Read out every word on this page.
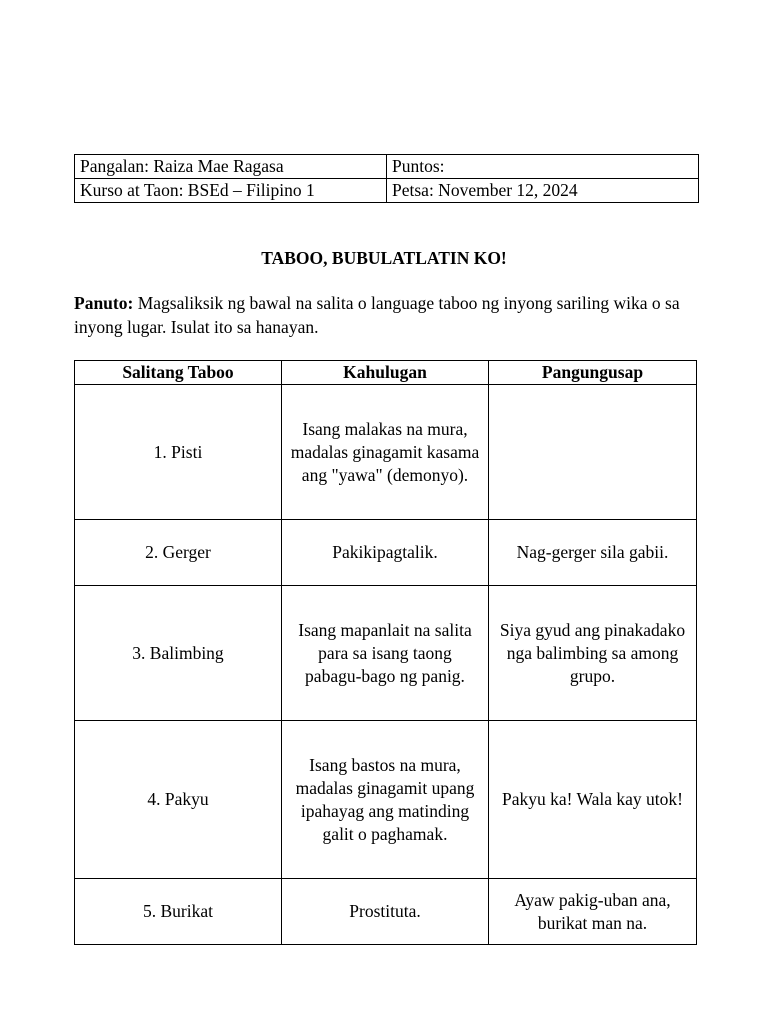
Pangalan: Raiza Mae Ragasa	Puntos:
Kurso at Taon: BSEd – Filipino 1	Petsa: November 12, 2024
TABOO, BUBULATLATIN KO!
Panuto: Magsaliksik ng bawal na salita o language taboo ng inyong sariling wika o sa inyong lugar. Isulat ito sa hanayan.
Salitang Taboo	Kahulugan	Pangungusap
1. Pisti	Isang malakas na mura, madalas ginagamit kasama ang "yawa" (demonyo).	
2. Gerger	Pakikipagtalik.	Nag-gerger sila gabii.
3. Balimbing	Isang mapanlait na salita para sa isang taong pabagu-bago ng panig.	Siya gyud ang pinakadako nga balimbing sa among grupo.
4. Pakyu	Isang bastos na mura, madalas ginagamit upang ipahayag ang matinding galit o paghamak.	Pakyu ka! Wala kay utok!
5. Burikat	Prostituta.	Ayaw pakig-uban ana, burikat man na.
